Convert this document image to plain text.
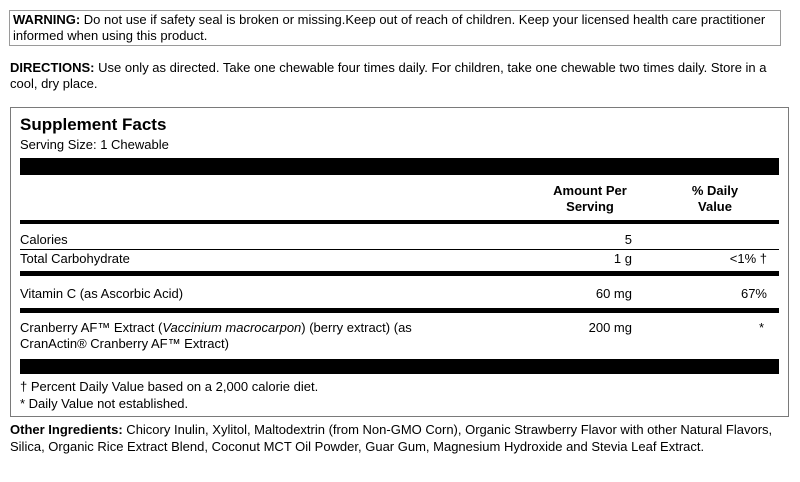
WARNING: Do not use if safety seal is broken or missing.Keep out of reach of children. Keep your licensed health care practitioner informed when using this product.
DIRECTIONS: Use only as directed. Take one chewable four times daily. For children, take one chewable two times daily. Store in a cool, dry place.
Supplement Facts
Serving Size: 1 Chewable
Amount Per
Serving
% Daily
Value
Calories	5
Total Carbohydrate	1 g	<1% †
Vitamin C (as Ascorbic Acid)	60 mg	67%
Cranberry AF™ Extract (Vaccinium macrocarpon) (berry extract) (as
CranActin® Cranberry AF™ Extract)
200 mg	*
† Percent Daily Value based on a 2,000 calorie diet.
* Daily Value not established.
Other Ingredients: Chicory Inulin, Xylitol, Maltodextrin (from Non-GMO Corn), Organic Strawberry Flavor with other Natural Flavors, Silica, Organic Rice Extract Blend, Coconut MCT Oil Powder, Guar Gum, Magnesium Hydroxide and Stevia Leaf Extract.
